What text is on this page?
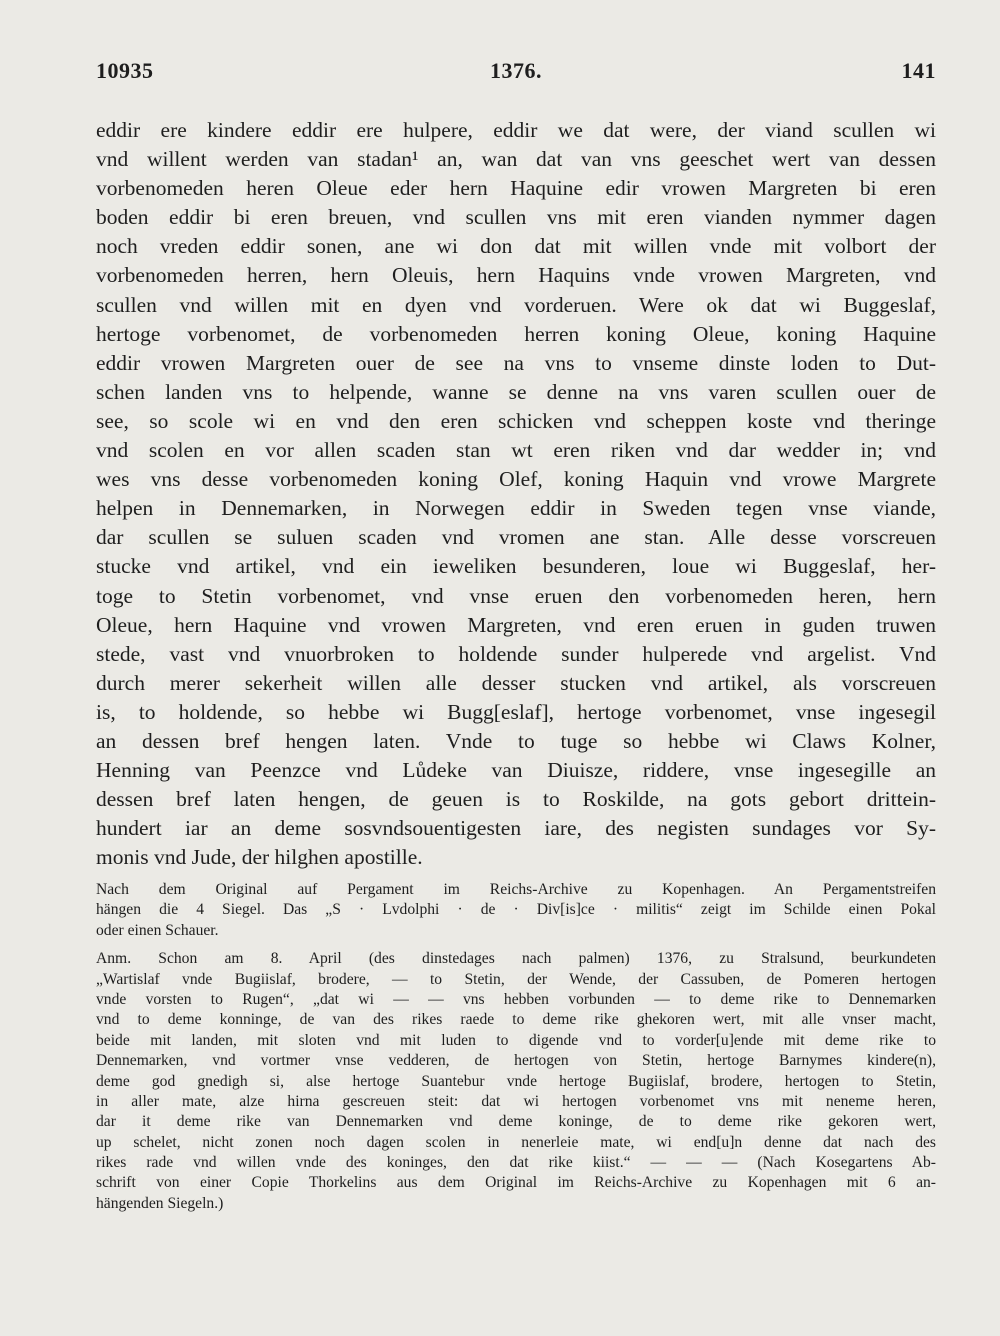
10935	1376.	141
eddir ere kindere eddir ere hulpere, eddir we dat were, der viand scullen wi
vnd willent werden van stadan¹ an, wan dat van vns geeschet wert van dessen
vorbenomeden heren Oleue eder hern Haquine edir vrowen Margreten bi eren
boden eddir bi eren breuen, vnd scullen vns mit eren vianden nymmer dagen
noch vreden eddir sonen, ane wi don dat mit willen vnde mit volbort der
vorbenomeden herren, hern Oleuis, hern Haquins vnde vrowen Margreten, vnd
scullen vnd willen mit en dyen vnd vorderuen. Were ok dat wi Buggeslaf,
hertoge vorbenomet, de vorbenomeden herren koning Oleue, koning Haquine
eddir vrowen Margreten ouer de see na vns to vnseme dinste loden to Dut-
schen landen vns to helpende, wanne se denne na vns varen scullen ouer de
see, so scole wi en vnd den eren schicken vnd scheppen koste vnd theringe
vnd scolen en vor allen scaden stan wt eren riken vnd dar wedder in; vnd
wes vns desse vorbenomeden koning Olef, koning Haquin vnd vrowe Margrete
helpen in Dennemarken, in Norwegen eddir in Sweden tegen vnse viande,
dar scullen se suluen scaden vnd vromen ane stan. Alle desse vorscreuen
stucke vnd artikel, vnd ein ieweliken besunderen, loue wi Buggeslaf, her-
toge to Stetin vorbenomet, vnd vnse eruen den vorbenomeden heren, hern
Oleue, hern Haquine vnd vrowen Margreten, vnd eren eruen in guden truwen
stede, vast vnd vnuorbroken to holdende sunder hulperede vnd argelist. Vnd
durch merer sekerheit willen alle desser stucken vnd artikel, als vorscreuen
is, to holdende, so hebbe wi Bugg[eslaf], hertoge vorbenomet, vnse ingesegil
an dessen bref hengen laten. Vnde to tuge so hebbe wi Claws Kolner,
Henning van Peenzce vnd Lůdeke van Diuisze, riddere, vnse ingesegille an
dessen bref laten hengen, de geuen is to Roskilde, na gots gebort drittein-
hundert iar an deme sosvndsouentigesten iare, des negisten sundages vor Sy-
monis vnd Jude, der hilghen apostille.
Nach dem Original auf Pergament im Reichs-Archive zu Kopenhagen. An Pergamentstreifen
hängen die 4 Siegel. Das „S · Lvdolphi · de · Div[is]ce · militis“ zeigt im Schilde einen Pokal
oder einen Schauer.
Anm. Schon am 8. April (des dinstedages nach palmen) 1376, zu Stralsund, beurkundeten
„Wartislaf vnde Bugiislaf, brodere, — to Stetin, der Wende, der Cassuben, de Pomeren hertogen
vnde vorsten to Rugen“, „dat wi — — vns hebben vorbunden — to deme rike to Dennemarken
vnd to deme konninge, de van des rikes raede to deme rike ghekoren wert, mit alle vnser macht,
beide mit landen, mit sloten vnd mit luden to digende vnd to vorder[u]ende mit deme rike to
Dennemarken, vnd vortmer vnse vedderen, de hertogen von Stetin, hertoge Barnymes kindere(n),
deme god gnedigh si, alse hertoge Suantebur vnde hertoge Bugiislaf, brodere, hertogen to Stetin,
in aller mate, alze hirna gescreuen steit: dat wi hertogen vorbenomet vns mit neneme heren,
dar it deme rike van Dennemarken vnd deme koninge, de to deme rike gekoren wert,
up schelet, nicht zonen noch dagen scolen in nenerleie mate, wi end[u]n denne dat nach des
rikes rade vnd willen vnde des koninges, den dat rike kiist.“ — — — (Nach Kosegartens Ab-
schrift von einer Copie Thorkelins aus dem Original im Reichs-Archive zu Kopenhagen mit 6 an-
hängenden Siegeln.)
